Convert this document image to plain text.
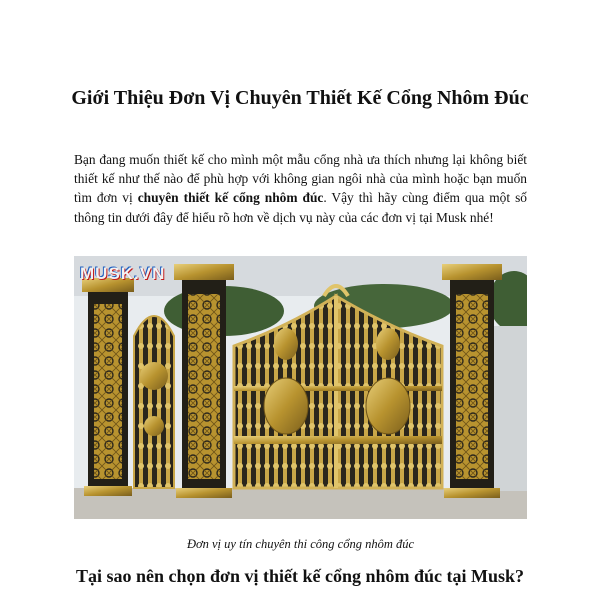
Giới Thiệu Đơn Vị Chuyên Thiết Kế Cổng Nhôm Đúc

Bạn đang muốn thiết kế cho mình một mẫu cổng nhà ưa thích nhưng lại không biết thiết kế như thế nào để phù hợp với không gian ngôi nhà của mình hoặc bạn muốn tìm đơn vị chuyên thiết kế cổng nhôm đúc. Vậy thì hãy cùng điểm qua một số thông tin dưới đây để hiểu rõ hơn về dịch vụ này của các đơn vị tại Musk nhé!

MUSK.VN

Đơn vị uy tín chuyên thi công cổng nhôm đúc

Tại sao nên chọn đơn vị thiết kế cổng nhôm đúc tại Musk?
